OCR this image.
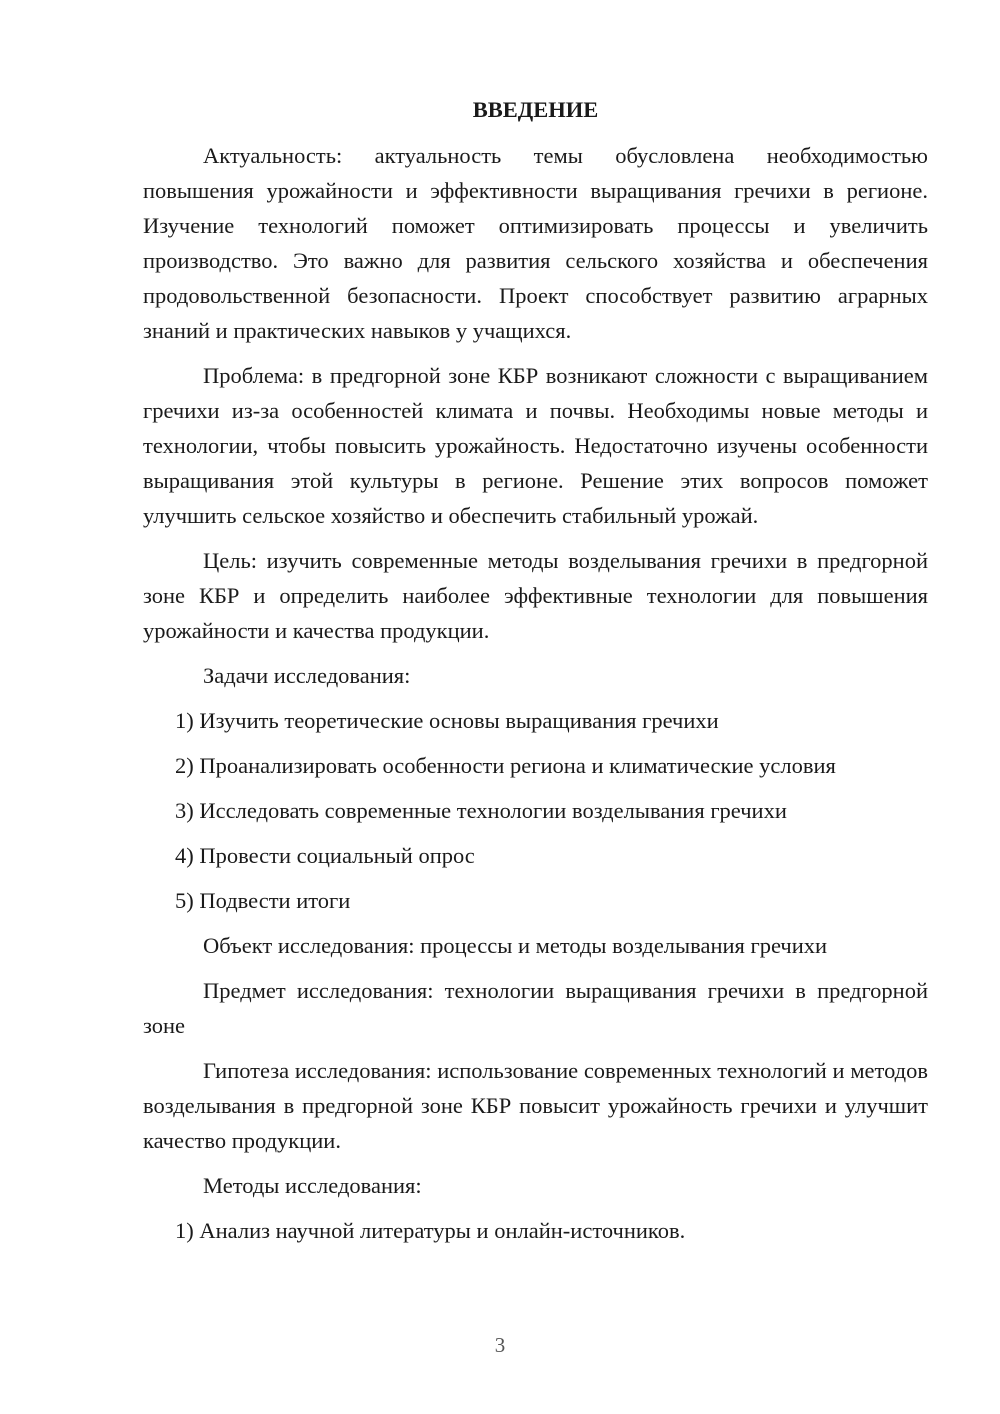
ВВЕДЕНИЕ

Актуальность: актуальность темы обусловлена необходимостью повышения урожайности и эффективности выращивания гречихи в регионе. Изучение технологий поможет оптимизировать процессы и увеличить производство. Это важно для развития сельского хозяйства и обеспечения продовольственной безопасности. Проект способствует развитию аграрных знаний и практических навыков у учащихся.

Проблема: в предгорной зоне КБР возникают сложности с выращиванием гречихи из-за особенностей климата и почвы. Необходимы новые методы и технологии, чтобы повысить урожайность. Недостаточно изучены особенности выращивания этой культуры в регионе. Решение этих вопросов поможет улучшить сельское хозяйство и обеспечить стабильный урожай.

Цель: изучить современные методы возделывания гречихи в предгорной зоне КБР и определить наиболее эффективные технологии для повышения урожайности и качества продукции.

Задачи исследования:

1) Изучить теоретические основы выращивания гречихи

2) Проанализировать особенности региона и климатические условия

3) Исследовать современные технологии возделывания гречихи

4) Провести социальный опрос

5) Подвести итоги

Объект исследования: процессы и методы возделывания гречихи

Предмет исследования: технологии выращивания гречихи в предгорной зоне

Гипотеза исследования: использование современных технологий и методов возделывания в предгорной зоне КБР повысит урожайность гречихи и улучшит качество продукции.

Методы исследования:

1) Анализ научной литературы и онлайн-источников.

3
